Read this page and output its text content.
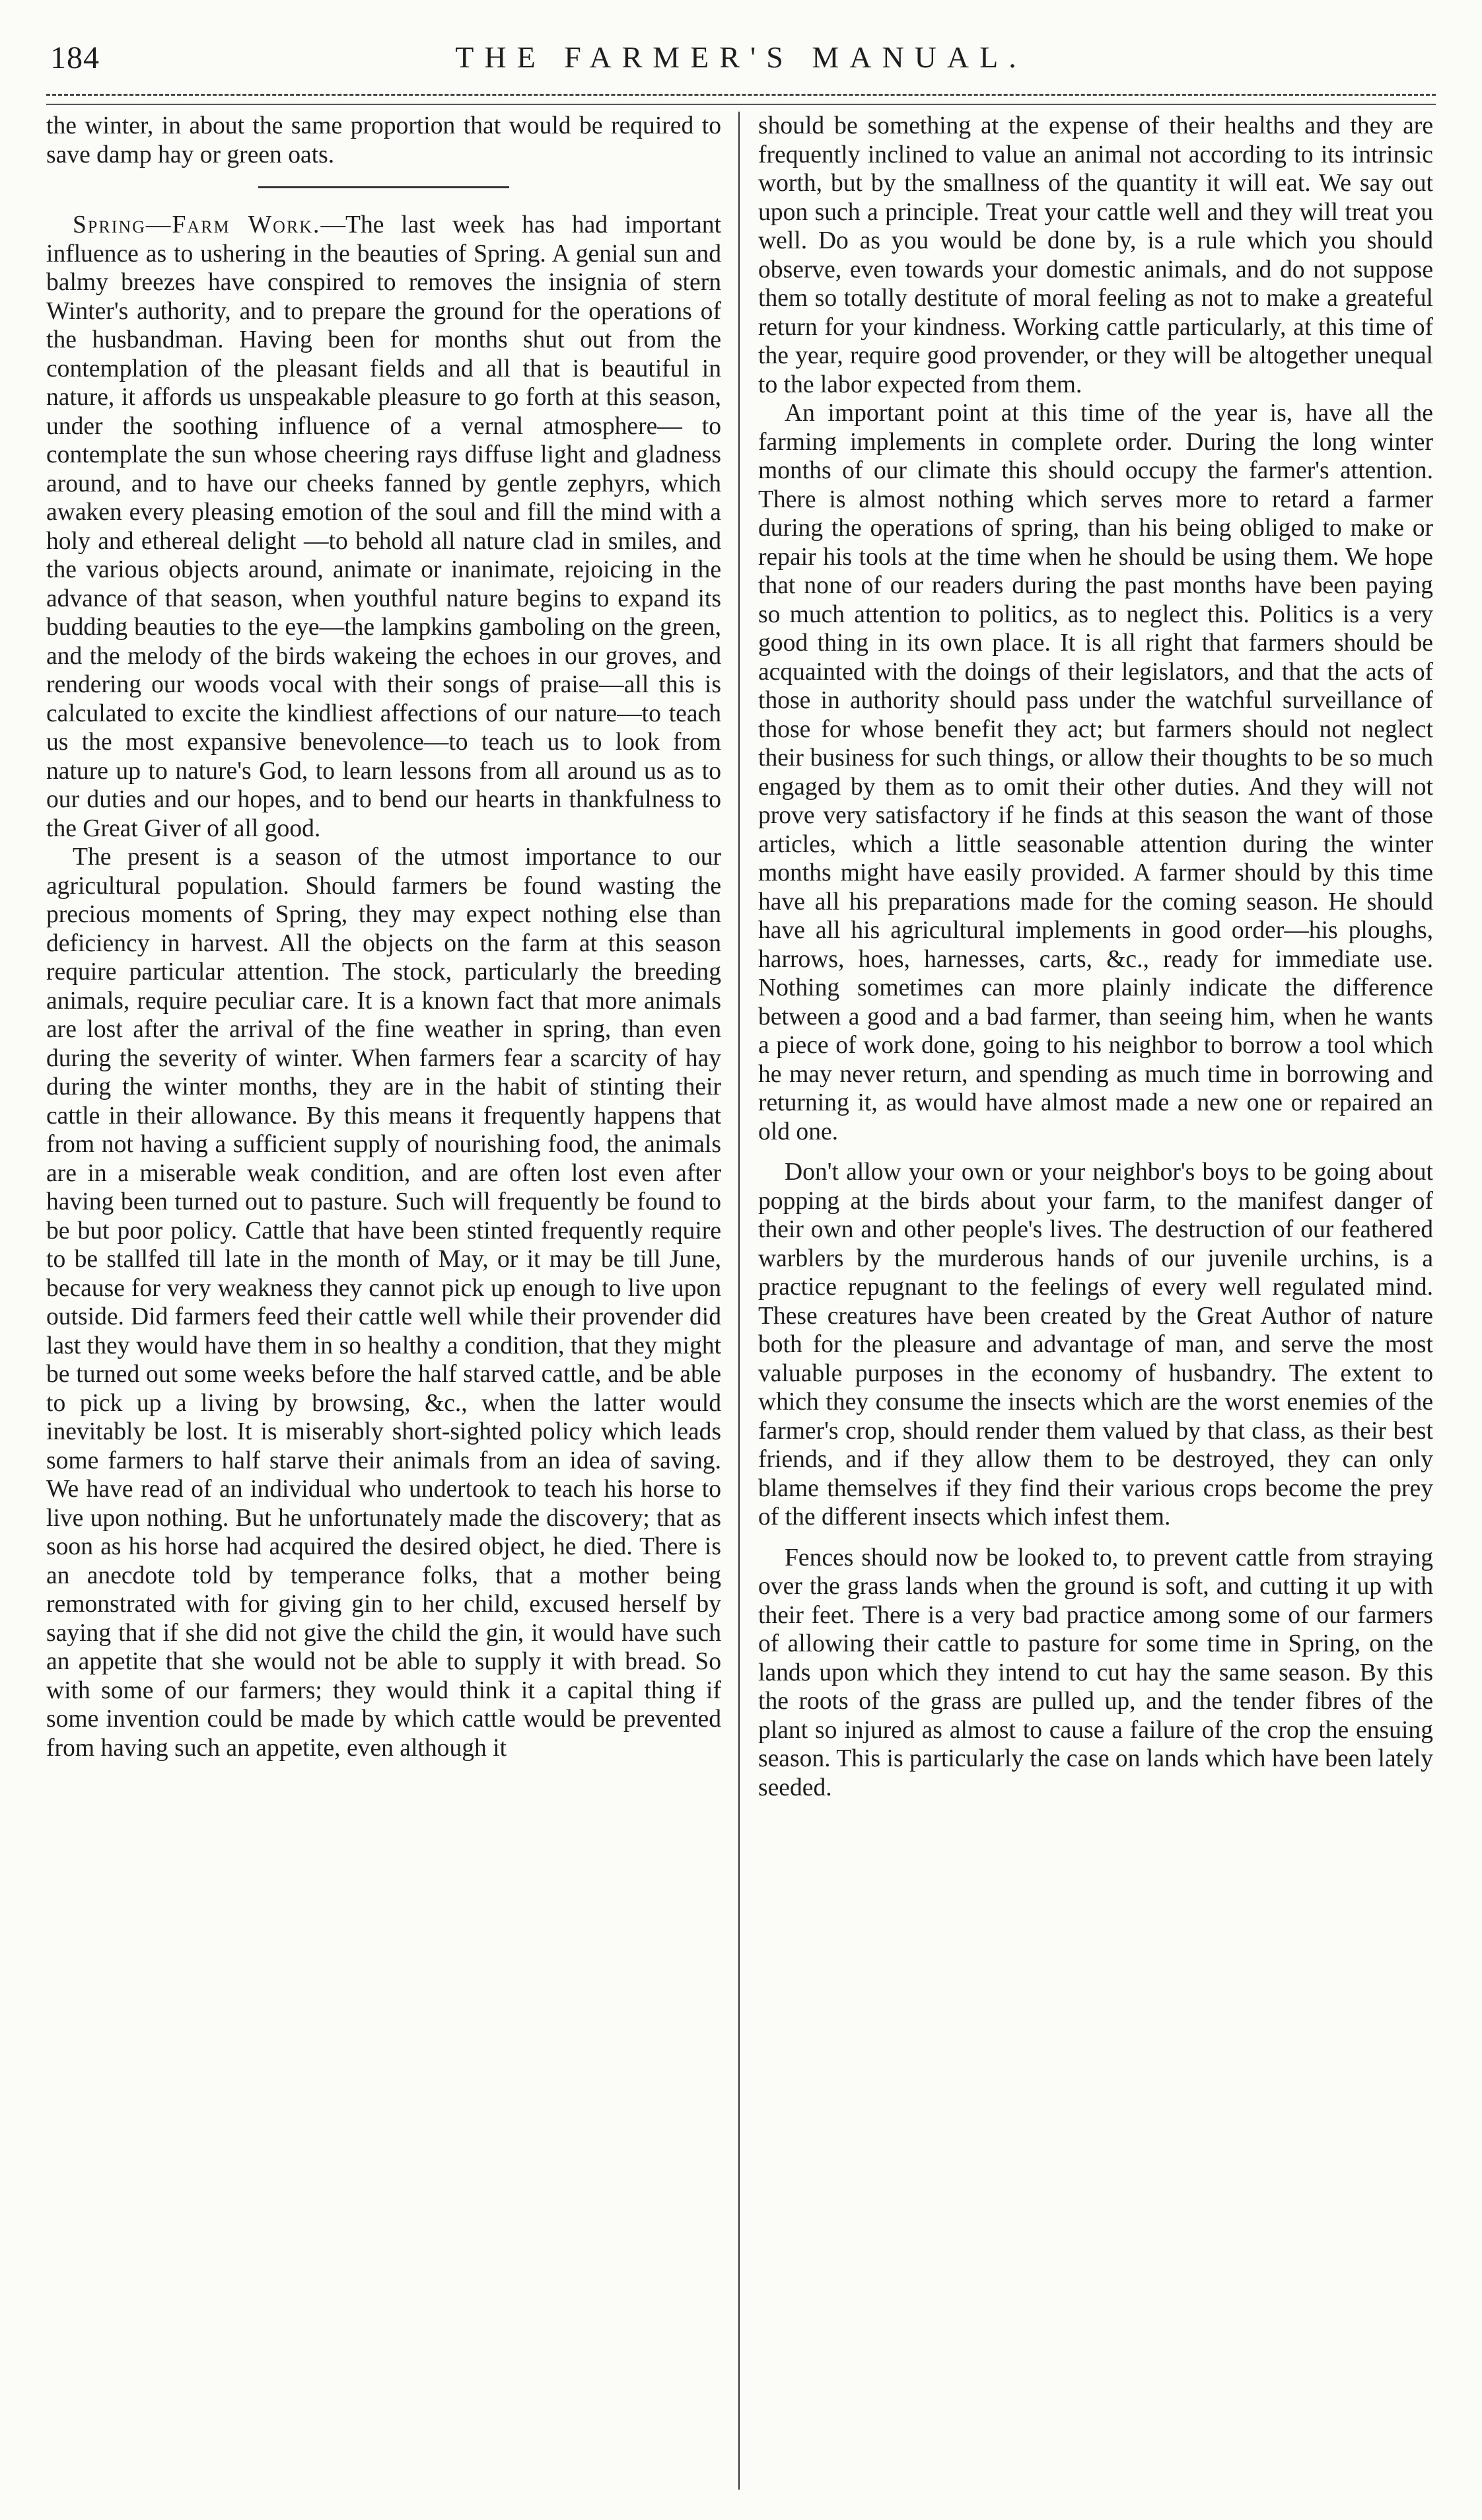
184	THE FARMER'S MANUAL.

the winter, in about the same proportion that would be required to save damp hay or green oats.

Spring—Farm Work.—The last week has had important influence as to ushering in the beauties of Spring. A genial sun and balmy breezes have conspired to removes the insignia of stern Winter's authority, and to prepare the ground for the operations of the husbandman. Having been for months shut out from the contemplation of the pleasant fields and all that is beautiful in nature, it affords us unspeakable pleasure to go forth at this season, under the soothing influence of a vernal atmosphere— to contemplate the sun whose cheering rays diffuse light and gladness around, and to have our cheeks fanned by gentle zephyrs, which awaken every pleasing emotion of the soul and fill the mind with a holy and ethereal delight —to behold all nature clad in smiles, and the various objects around, animate or inanimate, rejoicing in the advance of that season, when youthful nature begins to expand its budding beauties to the eye—the lampkins gamboling on the green, and the melody of the birds wakeing the echoes in our groves, and rendering our woods vocal with their songs of praise—all this is calculated to excite the kindliest affections of our nature—to teach us the most expansive benevolence—to teach us to look from nature up to nature's God, to learn lessons from all around us as to our duties and our hopes, and to bend our hearts in thankfulness to the Great Giver of all good.

The present is a season of the utmost importance to our agricultural population. Should farmers be found wasting the precious moments of Spring, they may expect nothing else than deficiency in harvest. All the objects on the farm at this season require particular attention. The stock, particularly the breeding animals, require peculiar care. It is a known fact that more animals are lost after the arrival of the fine weather in spring, than even during the severity of winter. When farmers fear a scarcity of hay during the winter months, they are in the habit of stinting their cattle in their allowance. By this means it frequently happens that from not having a sufficient supply of nourishing food, the animals are in a miserable weak condition, and are often lost even after having been turned out to pasture. Such will frequently be found to be but poor policy. Cattle that have been stinted frequently require to be stallfed till late in the month of May, or it may be till June, because for very weakness they cannot pick up enough to live upon outside. Did farmers feed their cattle well while their provender did last they would have them in so healthy a condition, that they might be turned out some weeks before the half starved cattle, and be able to pick up a living by browsing, &c., when the latter would inevitably be lost. It is miserably short-sighted policy which leads some farmers to half starve their animals from an idea of saving. We have read of an individual who undertook to teach his horse to live upon nothing. But he unfortunately made the discovery; that as soon as his horse had acquired the desired object, he died. There is an anecdote told by temperance folks, that a mother being remonstrated with for giving gin to her child, excused herself by saying that if she did not give the child the gin, it would have such an appetite that she would not be able to supply it with bread. So with some of our farmers; they would think it a capital thing if some invention could be made by which cattle would be prevented from having such an appetite, even although it

should be something at the expense of their healths and they are frequently inclined to value an animal not according to its intrinsic worth, but by the smallness of the quantity it will eat. We say out upon such a principle. Treat your cattle well and they will treat you well. Do as you would be done by, is a rule which you should observe, even towards your domestic animals, and do not suppose them so totally destitute of moral feeling as not to make a greateful return for your kindness. Working cattle particularly, at this time of the year, require good provender, or they will be altogether unequal to the labor expected from them.

An important point at this time of the year is, have all the farming implements in complete order. During the long winter months of our climate this should occupy the farmer's attention. There is almost nothing which serves more to retard a farmer during the operations of spring, than his being obliged to make or repair his tools at the time when he should be using them. We hope that none of our readers during the past months have been paying so much attention to politics, as to neglect this. Politics is a very good thing in its own place. It is all right that farmers should be acquainted with the doings of their legislators, and that the acts of those in authority should pass under the watchful surveillance of those for whose benefit they act; but farmers should not neglect their business for such things, or allow their thoughts to be so much engaged by them as to omit their other duties. And they will not prove very satisfactory if he finds at this season the want of those articles, which a little seasonable attention during the winter months might have easily provided. A farmer should by this time have all his preparations made for the coming season. He should have all his agricultural implements in good order—his ploughs, harrows, hoes, harnesses, carts, &c., ready for immediate use. Nothing sometimes can more plainly indicate the difference between a good and a bad farmer, than seeing him, when he wants a piece of work done, going to his neighbor to borrow a tool which he may never return, and spending as much time in borrowing and returning it, as would have almost made a new one or repaired an old one.

Don't allow your own or your neighbor's boys to be going about popping at the birds about your farm, to the manifest danger of their own and other people's lives. The destruction of our feathered warblers by the murderous hands of our juvenile urchins, is a practice repugnant to the feelings of every well regulated mind. These creatures have been created by the Great Author of nature both for the pleasure and advantage of man, and serve the most valuable purposes in the economy of husbandry. The extent to which they consume the insects which are the worst enemies of the farmer's crop, should render them valued by that class, as their best friends, and if they allow them to be destroyed, they can only blame themselves if they find their various crops become the prey of the different insects which infest them.

Fences should now be looked to, to prevent cattle from straying over the grass lands when the ground is soft, and cutting it up with their feet. There is a very bad practice among some of our farmers of allowing their cattle to pasture for some time in Spring, on the lands upon which they intend to cut hay the same season. By this the roots of the grass are pulled up, and the tender fibres of the plant so injured as almost to cause a failure of the crop the ensuing season. This is particularly the case on lands which have been lately seeded.
